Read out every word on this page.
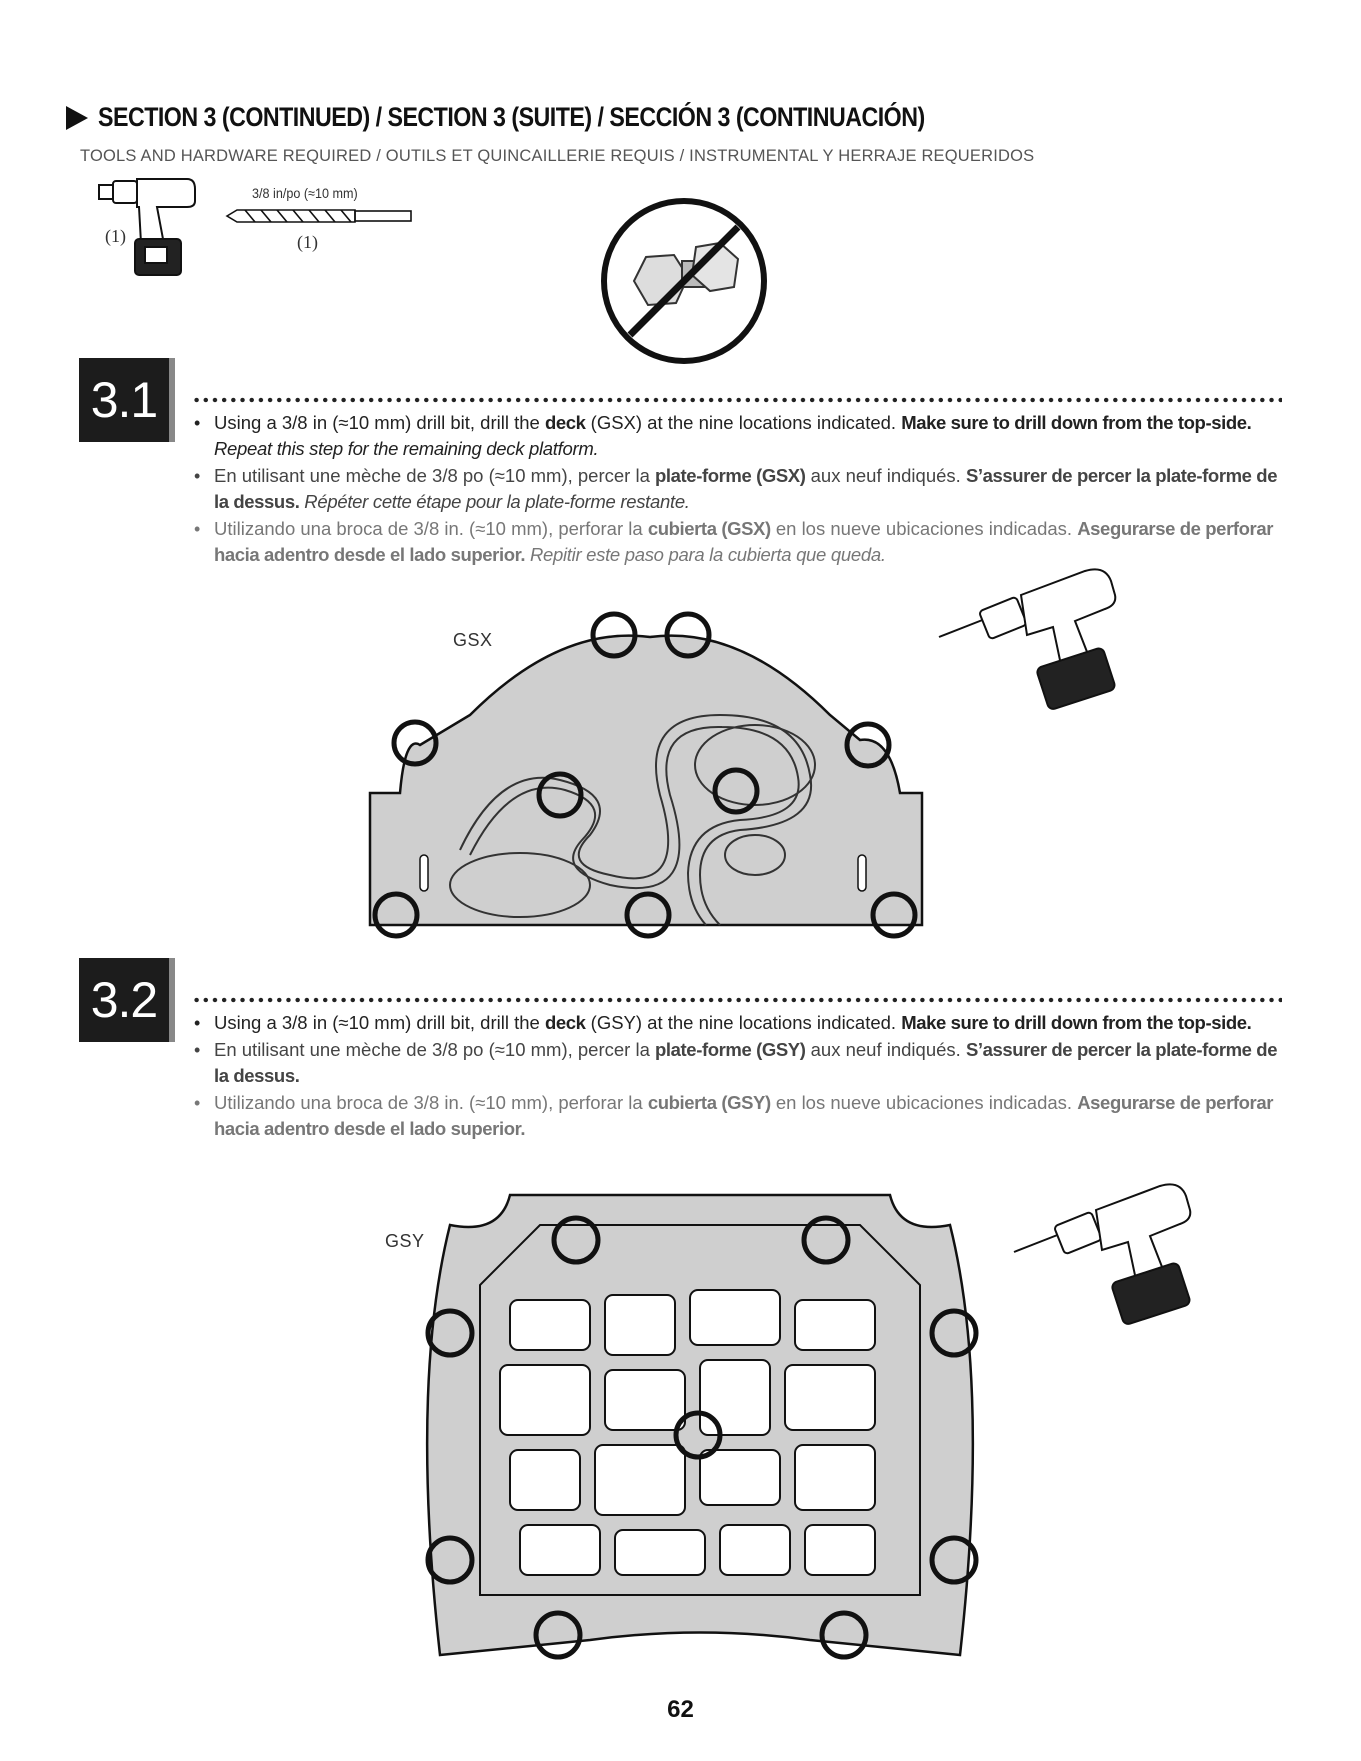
SECTION 3 (CONTINUED) / SECTION 3 (SUITE) / SECCIÓN 3 (CONTINUACIÓN)
TOOLS AND HARDWARE REQUIRED / OUTILS ET QUINCAILLERIE REQUIS / INSTRUMENTAL Y HERRAJE REQUERIDOS
(1)
3/8 in/po (≈10 mm)
(1)
3.1	• Using a 3/8 in (≈10 mm) drill bit, drill the deck (GSX) at the nine locations indicated. Make sure to drill down from the top-side. Repeat this step for the remaining deck platform.
• En utilisant une mèche de 3/8 po (≈10 mm), percer la plate-forme (GSX) aux neuf indiqués. S’assurer de percer la plate-forme de la dessus. Répéter cette étape pour la plate-forme restante.
• Utilizando una broca de 3/8 in. (≈10 mm), perforar la cubierta (GSX) en los nueve ubicaciones indicadas. Asegurarse de perforar hacia adentro desde el lado superior. Repitir este paso para la cubierta que queda.
GSX
3.2	• Using a 3/8 in (≈10 mm) drill bit, drill the deck (GSY) at the nine locations indicated. Make sure to drill down from the top-side.
• En utilisant une mèche de 3/8 po (≈10 mm), percer la plate-forme (GSY) aux neuf indiqués. S’assurer de percer la plate-forme de la dessus.
• Utilizando una broca de 3/8 in. (≈10 mm), perforar la cubierta (GSY) en los nueve ubicaciones indicadas. Asegurarse de perforar hacia adentro desde el lado superior.
GSY
62
